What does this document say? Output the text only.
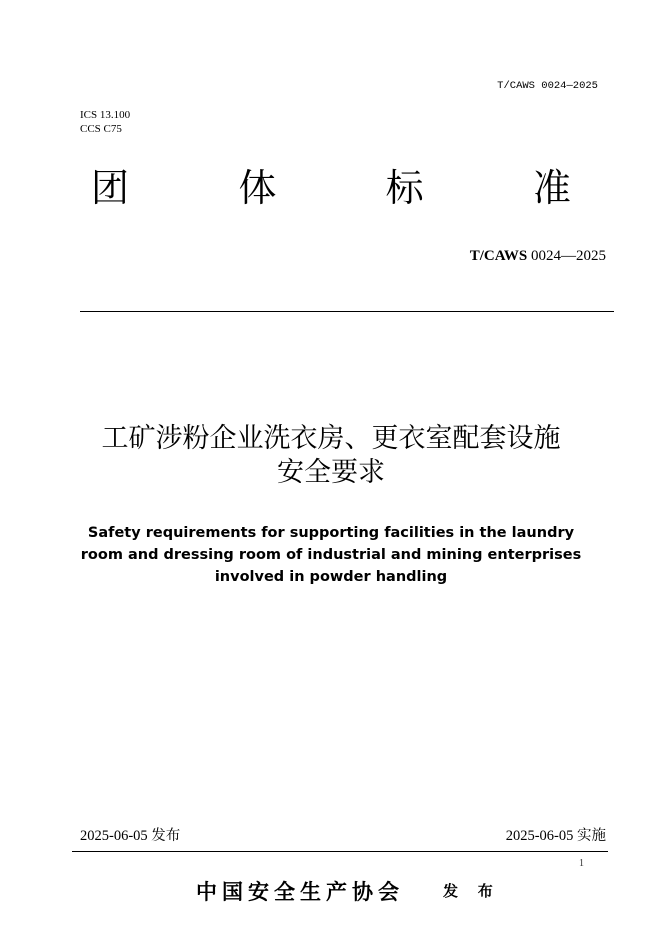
T/CAWS 0024—2025
ICS 13.100
CCS C75
团	体	标	准
T/CAWS 0024—2025
工矿涉粉企业洗衣房、更衣室配套设施
安全要求
Safety requirements for supporting facilities in the laundry room and dressing room of industrial and mining enterprises involved in powder handling
2025-06-05 发布	2025-06-05 实施
1
中国安全生产协会	发 布
